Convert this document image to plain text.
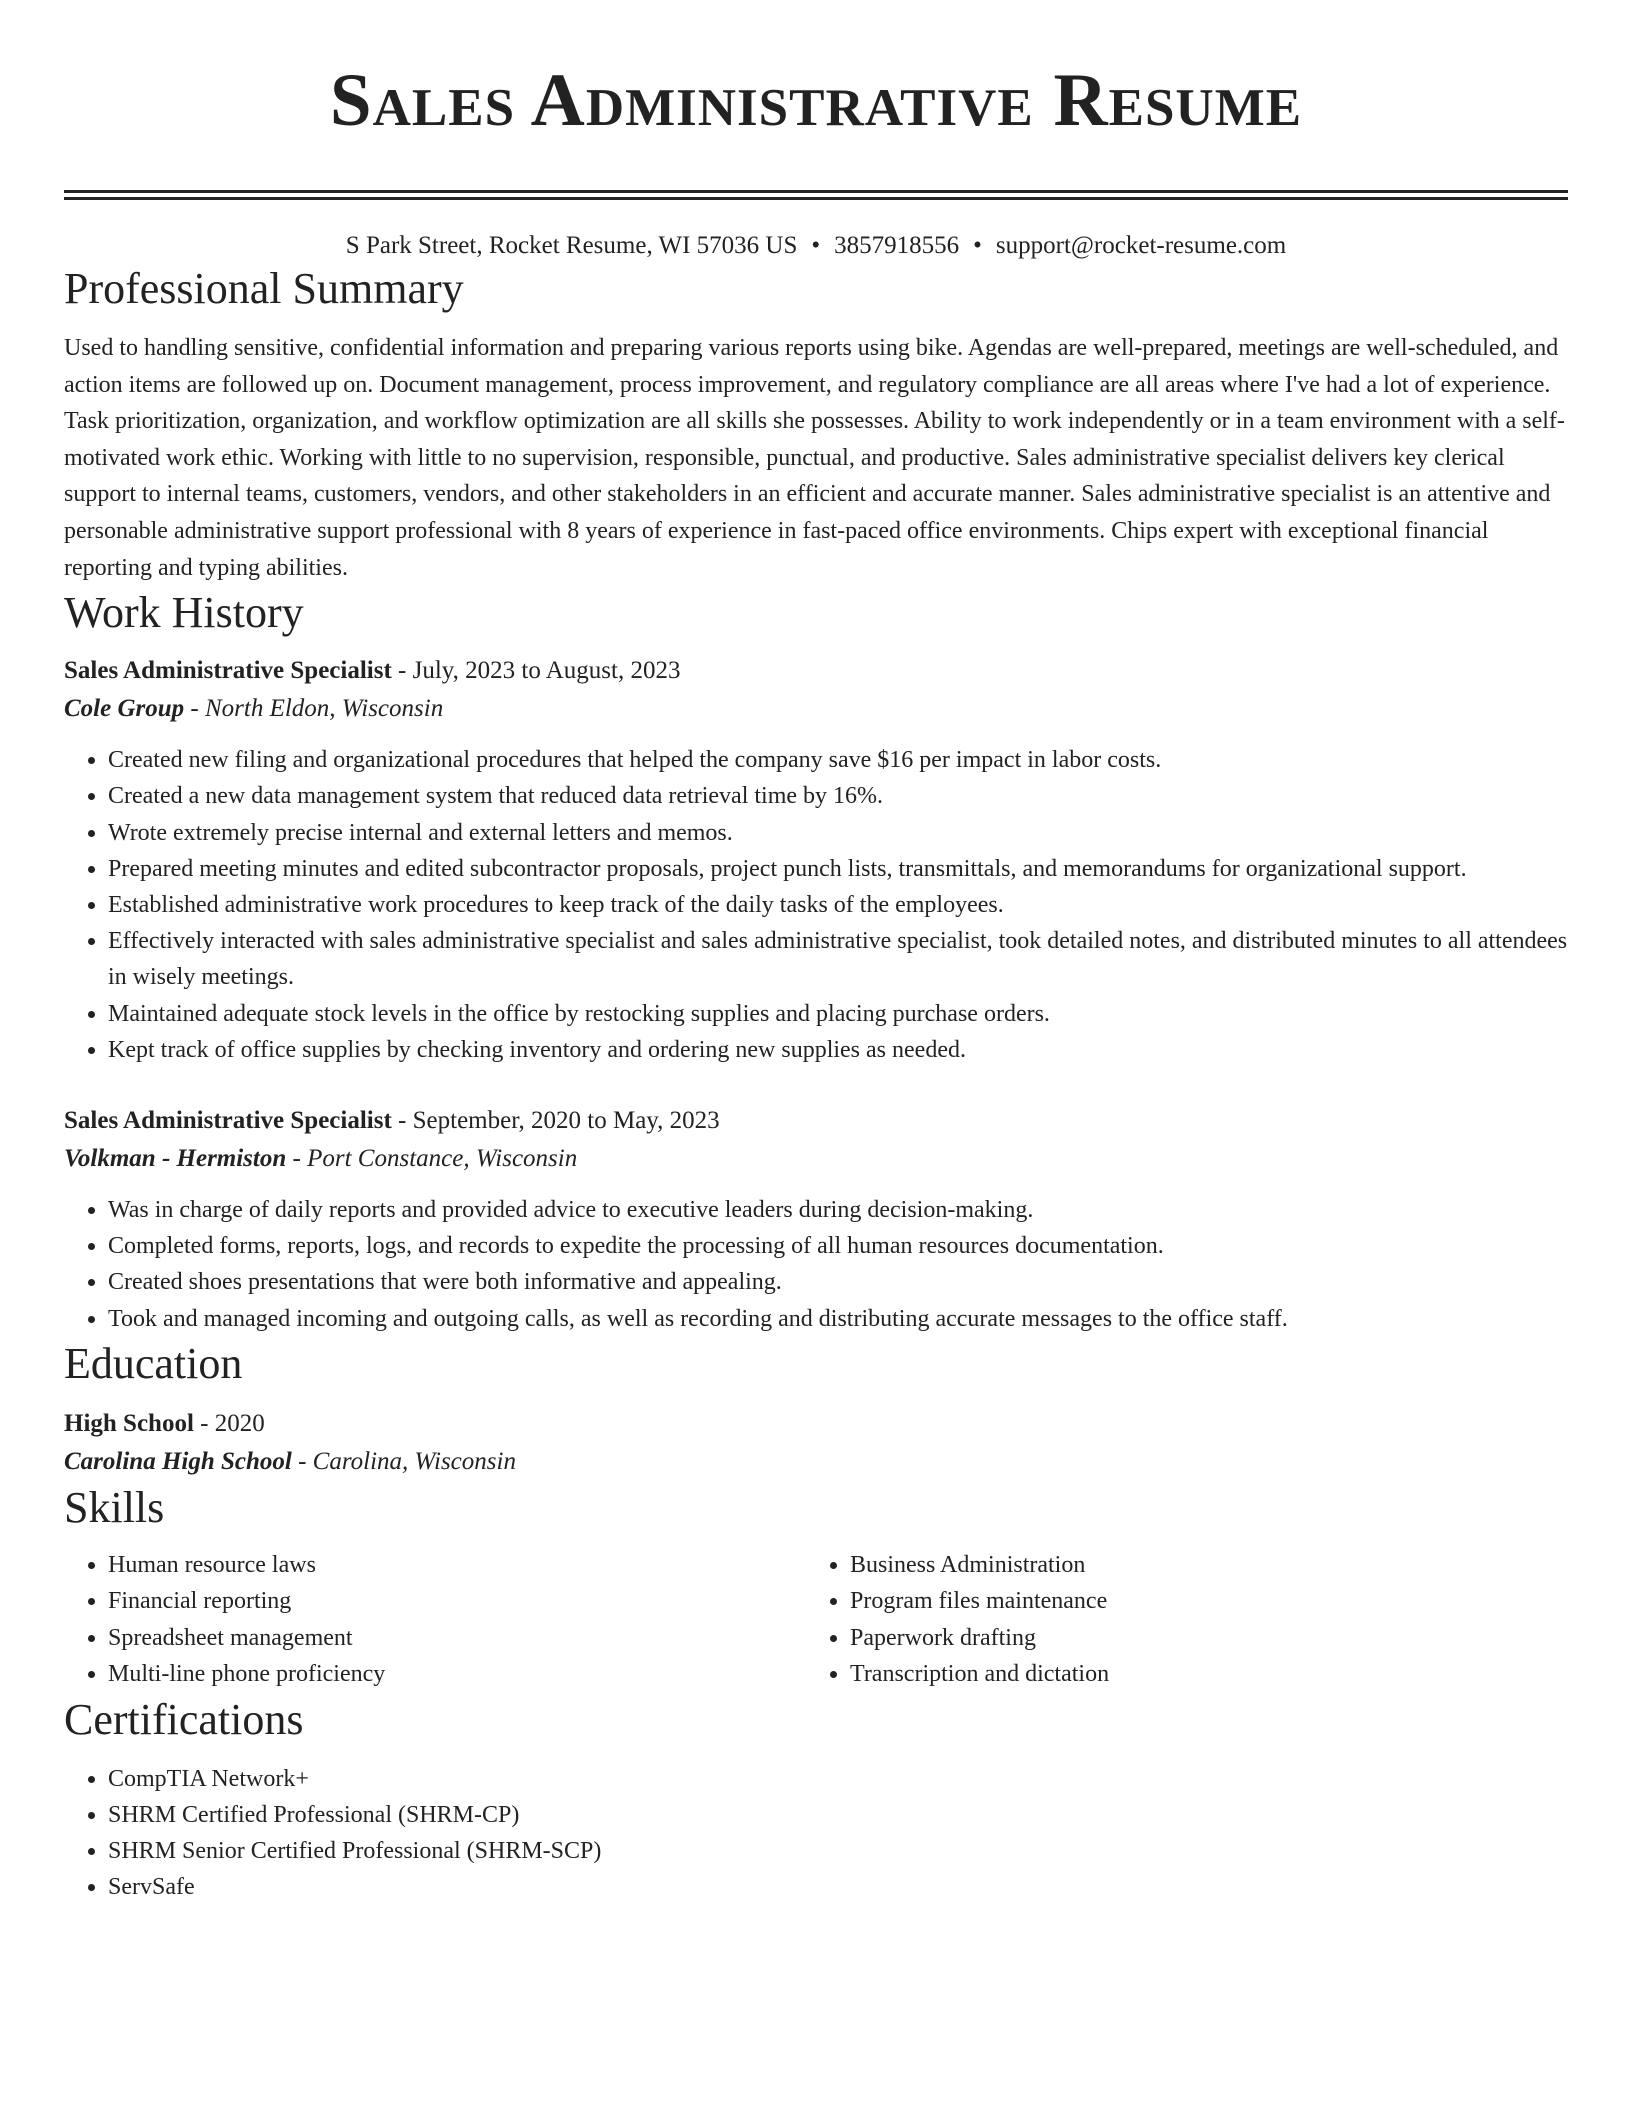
Sales Administrative Resume
S Park Street, Rocket Resume, WI 57036 US • 3857918556 • support@rocket-resume.com
Professional Summary

Used to handling sensitive, confidential information and preparing various reports using bike. Agendas are well-prepared, meetings are well-scheduled, and action items are followed up on. Document management, process improvement, and regulatory compliance are all areas where I've had a lot of experience. Task prioritization, organization, and workflow optimization are all skills she possesses. Ability to work independently or in a team environment with a self-motivated work ethic. Working with little to no supervision, responsible, punctual, and productive. Sales administrative specialist delivers key clerical support to internal teams, customers, vendors, and other stakeholders in an efficient and accurate manner. Sales administrative specialist is an attentive and personable administrative support professional with 8 years of experience in fast-paced office environments. Chips expert with exceptional financial reporting and typing abilities.

Work History

Sales Administrative Specialist - July, 2023 to August, 2023

Cole Group - North Eldon, Wisconsin

• Created new filing and organizational procedures that helped the company save $16 per impact in labor costs.
• Created a new data management system that reduced data retrieval time by 16%.
• Wrote extremely precise internal and external letters and memos.
• Prepared meeting minutes and edited subcontractor proposals, project punch lists, transmittals, and memorandums for organizational support.
• Established administrative work procedures to keep track of the daily tasks of the employees.
• Effectively interacted with sales administrative specialist and sales administrative specialist, took detailed notes, and distributed minutes to all attendees in wisely meetings.
• Maintained adequate stock levels in the office by restocking supplies and placing purchase orders.
• Kept track of office supplies by checking inventory and ordering new supplies as needed.

Sales Administrative Specialist - September, 2020 to May, 2023

Volkman - Hermiston - Port Constance, Wisconsin

• Was in charge of daily reports and provided advice to executive leaders during decision-making.
• Completed forms, reports, logs, and records to expedite the processing of all human resources documentation.
• Created shoes presentations that were both informative and appealing.
• Took and managed incoming and outgoing calls, as well as recording and distributing accurate messages to the office staff.
Education

High School - 2020

Carolina High School - Carolina, Wisconsin

Skills
• Human resource laws
• Financial reporting
• Spreadsheet management
• Multi-line phone proficiency
• Business Administration
• Program files maintenance
• Paperwork drafting
• Transcription and dictation
Certifications
• CompTIA Network+
• SHRM Certified Professional (SHRM-CP)
• SHRM Senior Certified Professional (SHRM-SCP)
• ServSafe
